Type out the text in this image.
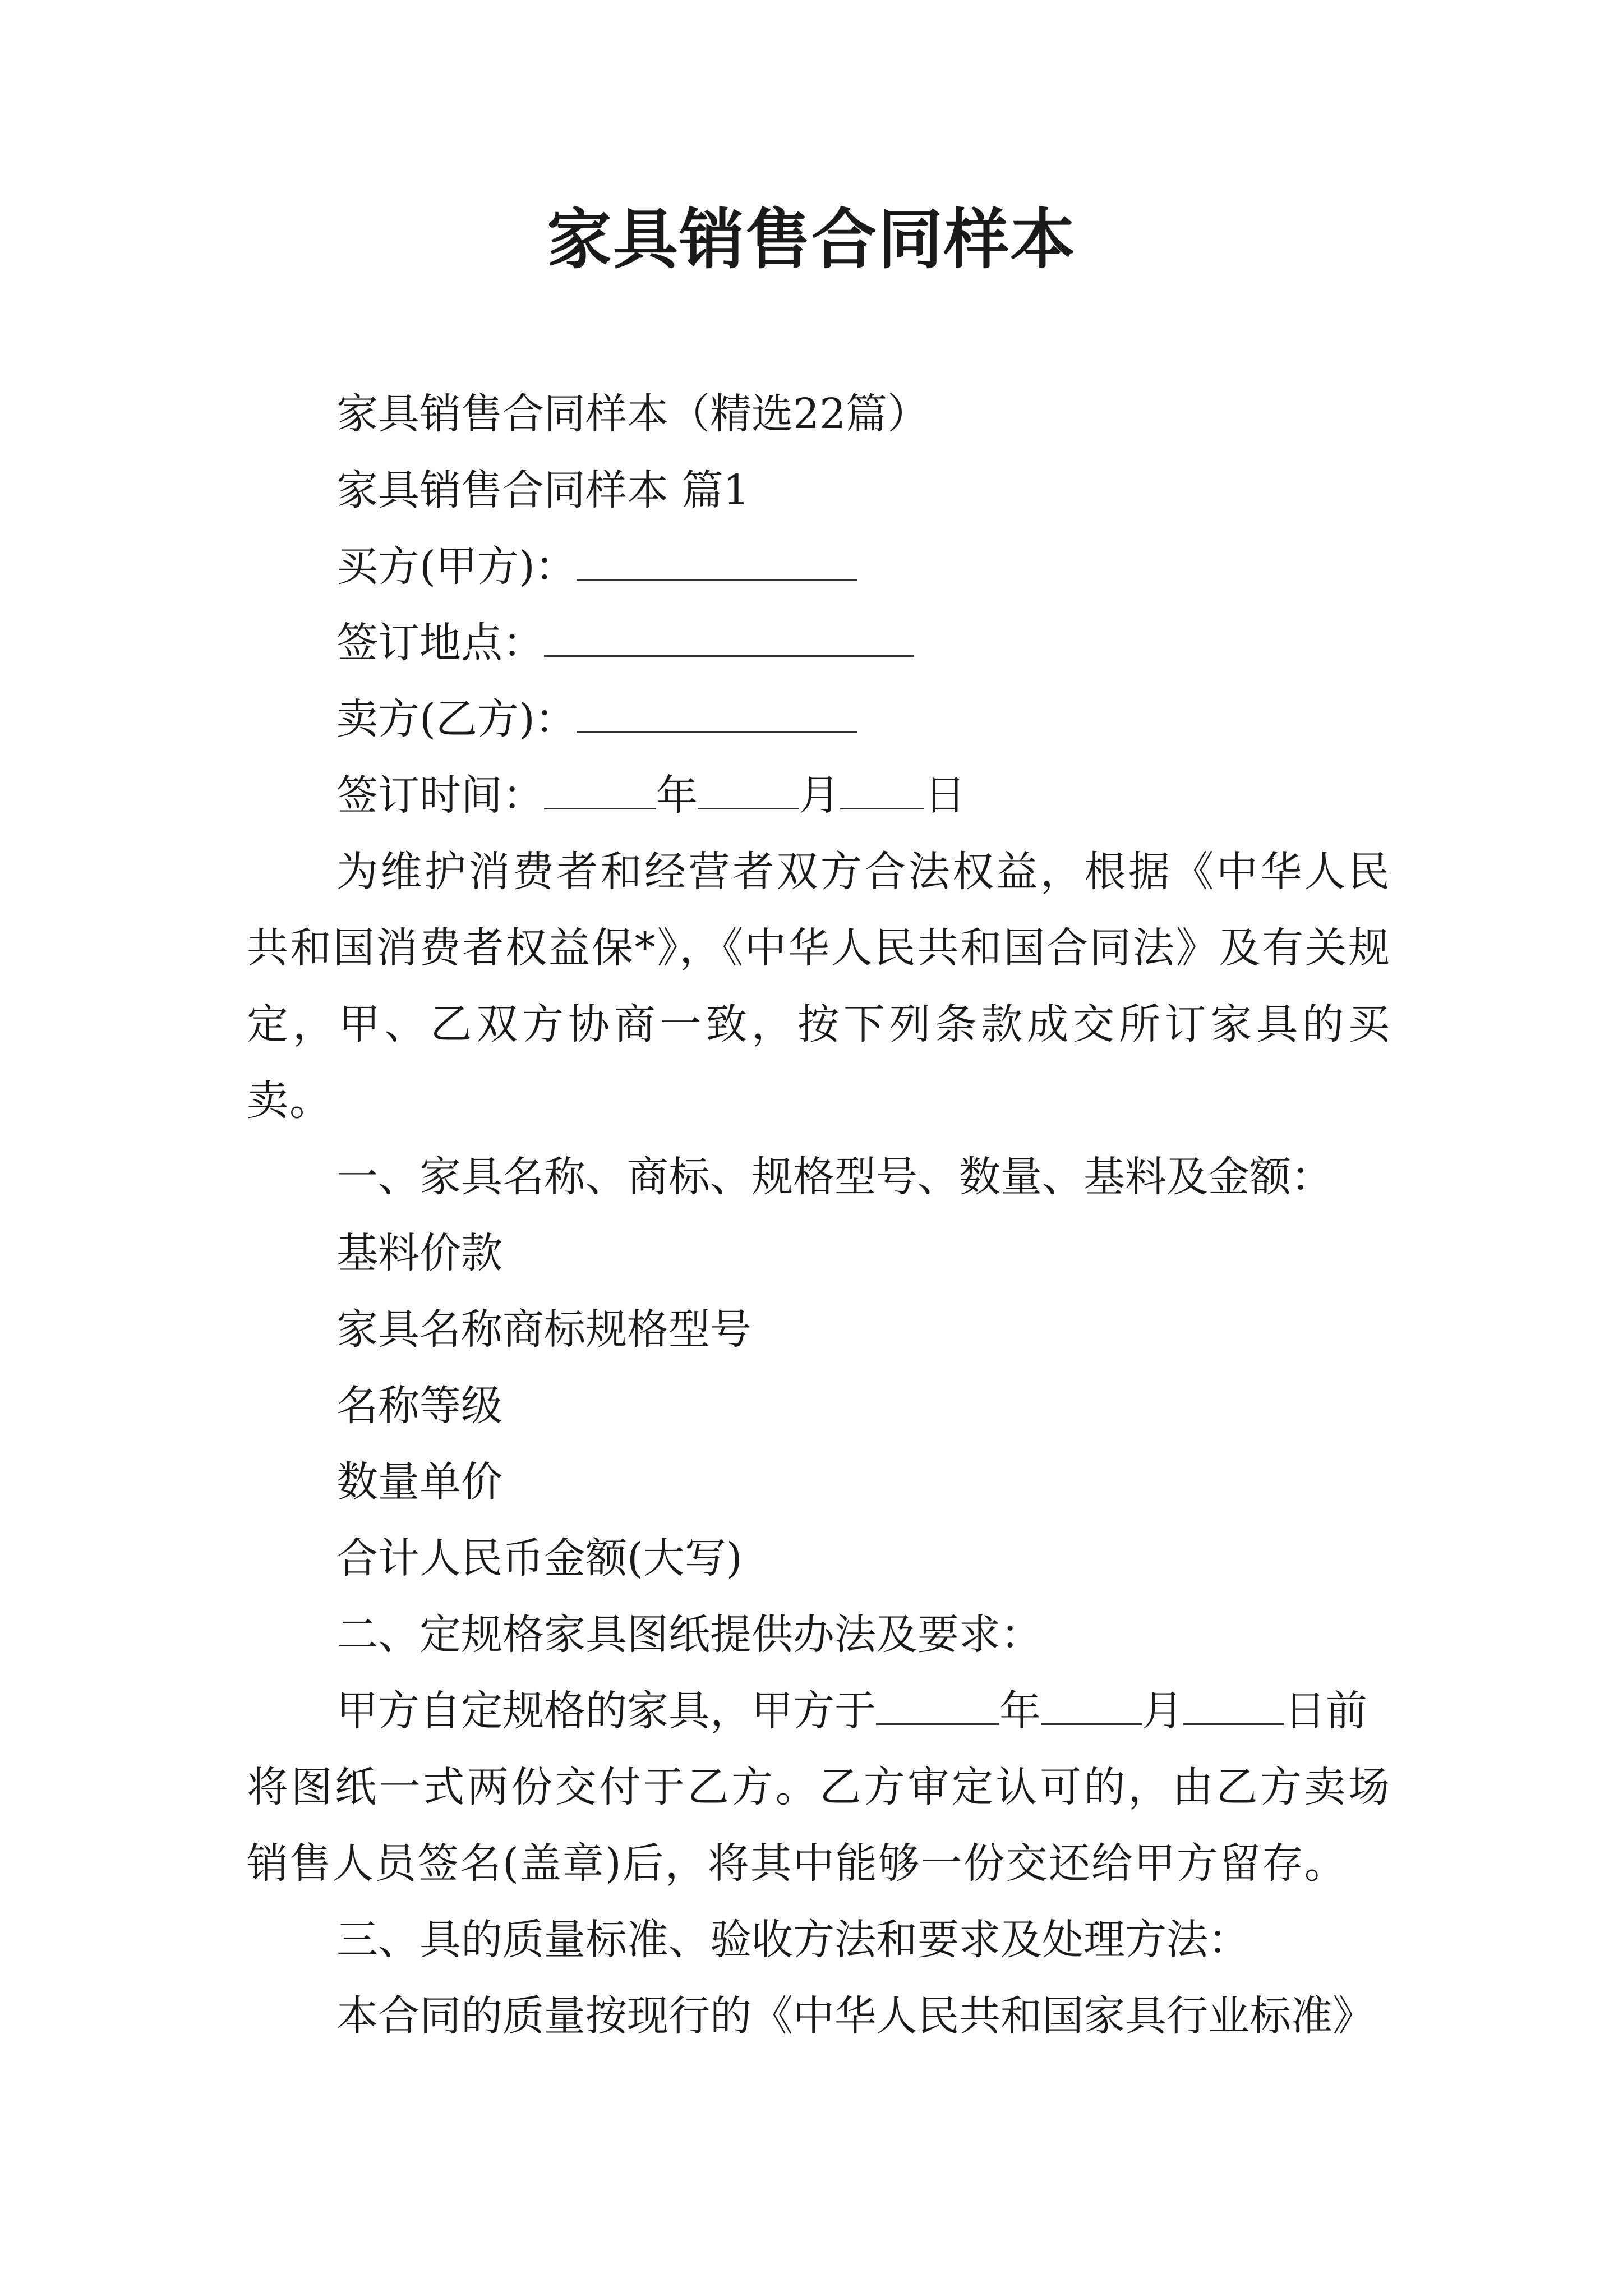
家具销售合同样本
家具销售合同样本（精选22篇）
家具销售合同样本 篇1
买方(甲方)：
签订地点：
卖方(乙方)：
签订时间：	年 月 日
为维护消费者和经营者双方合法权益，根据《中华人民共和国消费者权益保*》，《中华人民共和国合同法》及有关规定，甲、乙双方协商一致，按下列条款成交所订家具的买卖。
一、家具名称、商标、规格型号、数量、基料及金额：
基料价款
家具名称商标规格型号
名称等级
数量单价
合计人民币金额(大写)
二、定规格家具图纸提供办法及要求：
甲方自定规格的家具，甲方于	年 月 日前
将图纸一式两份交付于乙方。乙方审定认可的，由乙方卖场销售人员签名(盖章)后，将其中能够一份交还给甲方留存。
三、具的质量标准、验收方法和要求及处理方法：
本合同的质量按现行的《中华人民共和国家具行业标准》
